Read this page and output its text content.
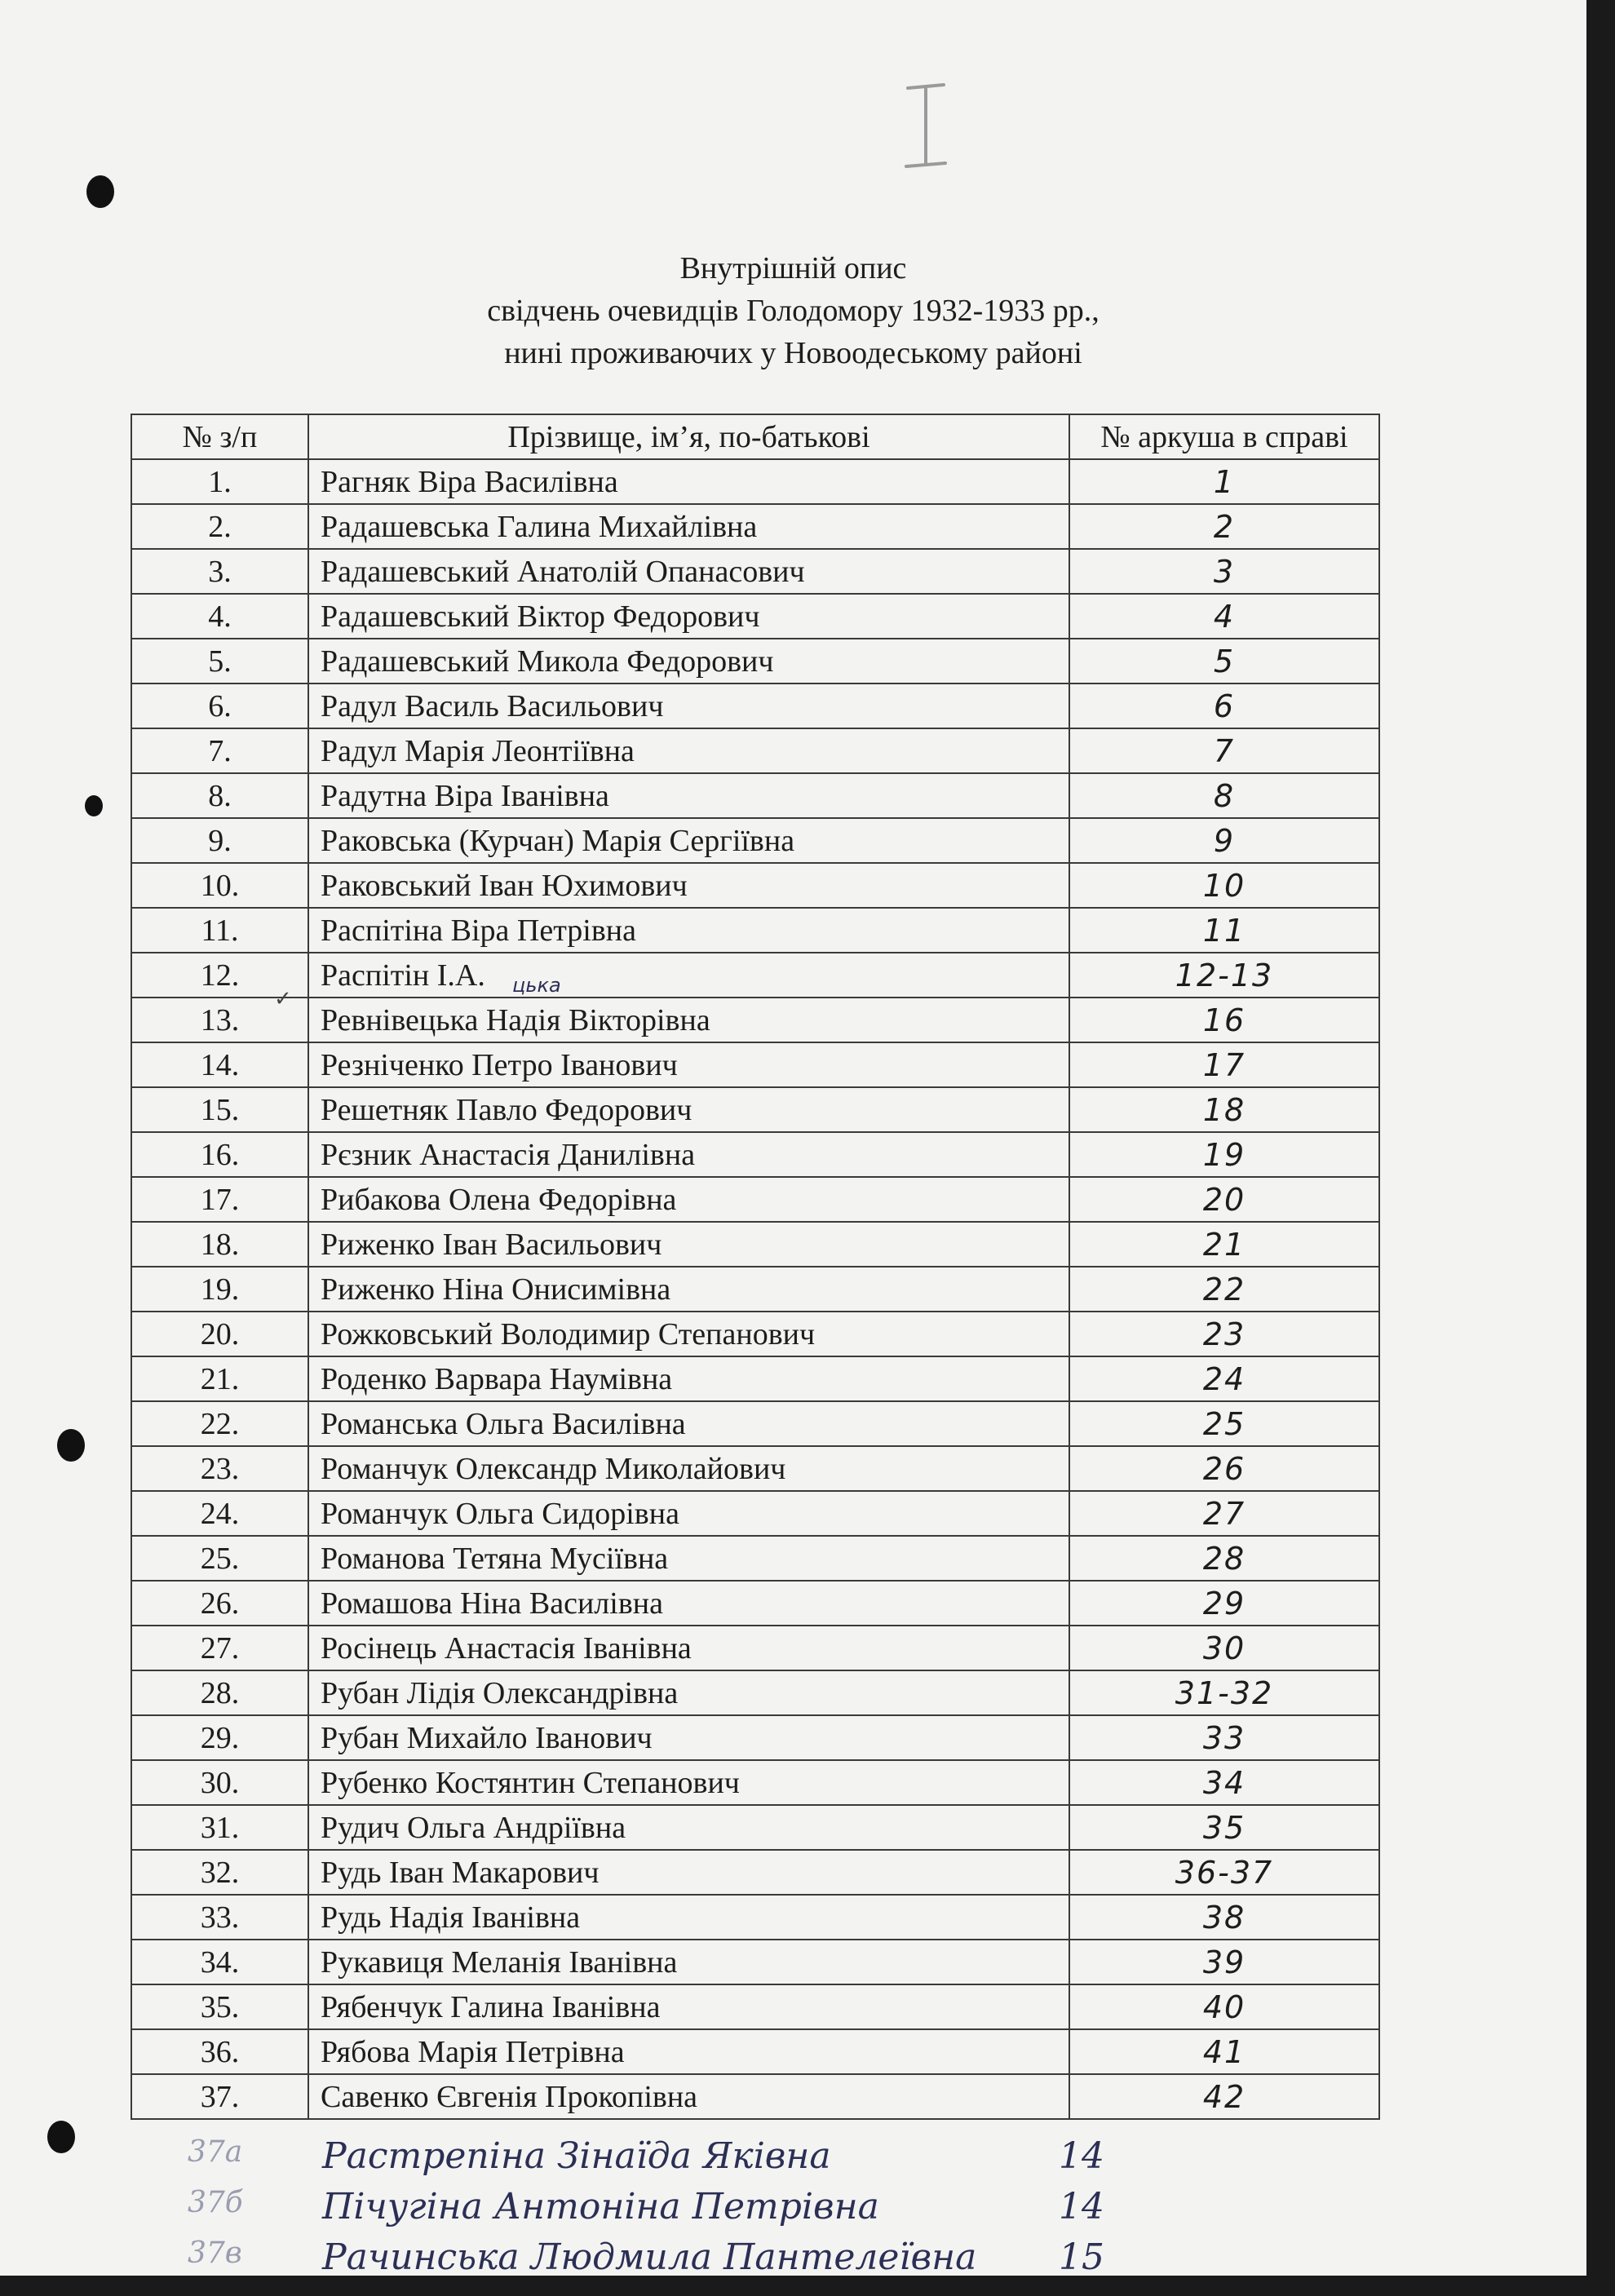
Внутрішній опис
свідчень очевидців Голодомору 1932-1933 рр.,
нині проживаючих у Новоодеському районі
№ з/п	Прізвище, ім’я, по-батькові	№ аркуша в справі
1.	Рагняк Віра Василівна	1
2.	Радашевська Галина Михайлівна	2
3.	Радашевський Анатолій Опанасович	3
4.	Радашевський Віктор Федорович	4
5.	Радашевський Микола Федорович	5
6.	Радул Василь Васильович	6
7.	Радул Марія Леонтіївна	7
8.	Радутна Віра Іванівна	8
9.	Раковська (Курчан) Марія Сергіївна	9
10.	Раковський Іван Юхимович	10
11.	Распітіна Віра Петрівна	11
12.	Распітін І.А.	12-13
13.	Ревнівецька Надія Вікторівна	16
14.	Резніченко Петро Іванович	17
15.	Решетняк Павло Федорович	18
16.	Рєзник Анастасія Данилівна	19
17.	Рибакова Олена Федорівна	20
18.	Риженко Іван Васильович	21
19.	Риженко Ніна Онисимівна	22
20.	Рожковський Володимир Степанович	23
21.	Роденко Варвара Наумівна	24
22.	Романська Ольга Василівна	25
23.	Романчук Олександр Миколайович	26
24.	Романчук Ольга Сидорівна	27
25.	Романова Тетяна Мусіївна	28
26.	Ромашова Ніна Василівна	29
27.	Росінець Анастасія Іванівна	30
28.	Рубан Лідія Олександрівна	31-32
29.	Рубан Михайло Іванович	33
30.	Рубенко Костянтин Степанович	34
31.	Рудич Ольга Андріївна	35
32.	Рудь Іван Макарович	36-37
33.	Рудь Надія Іванівна	38
34.	Рукавиця Меланія Іванівна	39
35.	Рябенчук Галина Іванівна	40
36.	Рябова Марія Петрівна	41
37.	Савенко Євгенія Прокопівна	42
✓
цька
37а Растрепіна Зінаїда Яківна	14
37б Пічугіна Антоніна Петрівна	14
37в Рачинська Людмила Пантелеївна 15
